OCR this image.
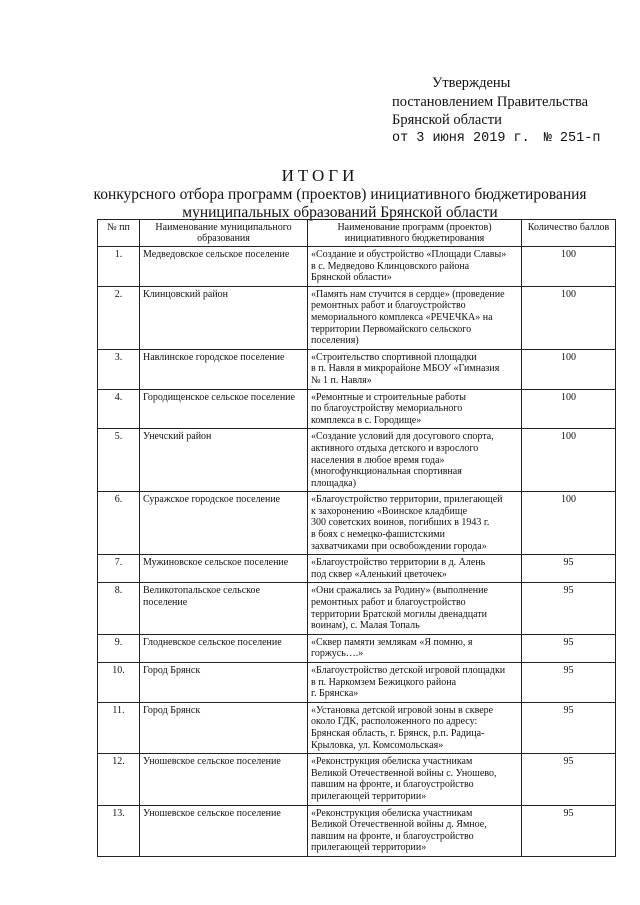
Утверждены
постановлением Правительства
Брянской области
от 3 июня 2019 г. № 251-п
ИТОГИ
конкурсного отбора программ (проектов) инициативного бюджетирования
муниципальных образований Брянской области
№ пп	Наименование муниципального образования	Наименование программ (проектов) инициативного бюджетирования	Количество баллов
1.	Медведовское сельское поселение	«Создание и обустройство «Площади Славы»
в с. Медведово Клинцовского района
Брянской области»	100
2.	Клинцовский район	«Память нам стучится в сердце» (проведение
ремонтных работ и благоустройство
мемориального комплекса «РЕЧЕЧКА» на
территории Первомайского сельского
поселения)	100
3.	Навлинское городское поселение	«Строительство спортивной площадки
в п. Навля в микрорайоне МБОУ «Гимназия
№ 1 п. Навля»	100
4.	Городищенское сельское поселение	«Ремонтные и строительные работы
по благоустройству мемориального
комплекса в с. Городище»	100
5.	Унечский район	«Создание условий для досугового спорта,
активного отдыха детского и взрослого
населения в любое время года»
(многофункциональная спортивная
площадка)	100
6.	Суражское городское поселение	«Благоустройство территории, прилегающей
к захоронению «Воинское кладбище
300 советских воинов, погибших в 1943 г.
в боях с немецко-фашистскими
захватчиками при освобождении города»	100
7.	Мужиновское сельское поселение	«Благоустройство территории в д. Алень
под сквер «Аленький цветочек»	95
8.	Великотопальское сельское поселение	«Они сражались за Родину» (выполнение
ремонтных работ и благоустройство
территории Братской могилы двенадцати
воинам), с. Малая Топаль	95
9.	Глодневское сельское поселение	«Сквер памяти землякам «Я помню, я
горжусь….»	95
10.	Город Брянск	«Благоустройство детской игровой площадки
в п. Наркомзем Бежицкого района
г. Брянска»	95
11.	Город Брянск	«Установка детской игровой зоны в сквере
около ГДК, расположенного по адресу:
Брянская область, г. Брянск, р.п. Радица-
Крыловка, ул. Комсомольская»	95
12.	Уношевское сельское поселение	«Реконструкция обелиска участникам
Великой Отечественной войны с. Уношево,
павшим на фронте, и благоустройство
прилегающей территории»	95
13.	Уношевское сельское поселение	«Реконструкция обелиска участникам
Великой Отечественной войны д. Ямное,
павшим на фронте, и благоустройство
прилегающей территории»	95
